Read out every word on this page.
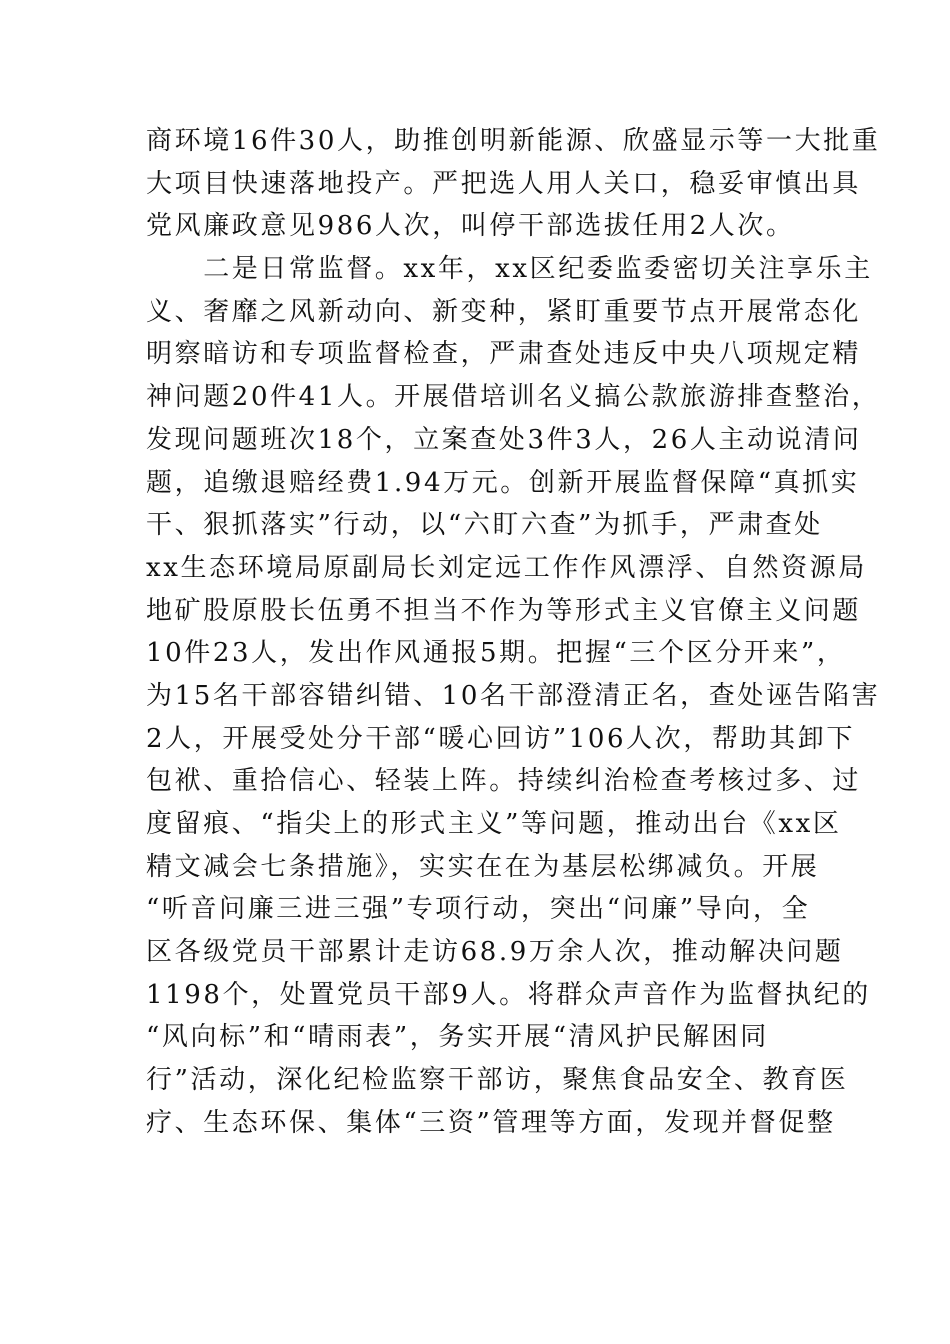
商环境16件30人，助推创明新能源、欣盛显示等一大批重
大项目快速落地投产。严把选人用人关口，稳妥审慎出具
党风廉政意见986人次，叫停干部选拔任用2人次。
　　二是日常监督。xx年，xx区纪委监委密切关注享乐主
义、奢靡之风新动向、新变种，紧盯重要节点开展常态化
明察暗访和专项监督检查，严肃查处违反中央八项规定精
神问题20件41人。开展借培训名义搞公款旅游排查整治，
发现问题班次18个，立案查处3件3人，26人主动说清问
题，追缴退赔经费1.94万元。创新开展监督保障“真抓实
干、狠抓落实”行动，以“六盯六查”为抓手，严肃查处
xx生态环境局原副局长刘定远工作作风漂浮、自然资源局
地矿股原股长伍勇不担当不作为等形式主义官僚主义问题
10件23人，发出作风通报5期。把握“三个区分开来”，
为15名干部容错纠错、10名干部澄清正名，查处诬告陷害
2人，开展受处分干部“暖心回访”106人次，帮助其卸下
包袱、重拾信心、轻装上阵。持续纠治检查考核过多、过
度留痕、“指尖上的形式主义”等问题，推动出台《xx区
精文减会七条措施》，实实在在为基层松绑减负。开展
“听音问廉三进三强”专项行动，突出“问廉”导向，全
区各级党员干部累计走访68.9万余人次，推动解决问题
1198个，处置党员干部9人。将群众声音作为监督执纪的
“风向标”和“晴雨表”，务实开展“清风护民解困同
行”活动，深化纪检监察干部访，聚焦食品安全、教育医
疗、生态环保、集体“三资”管理等方面，发现并督促整
